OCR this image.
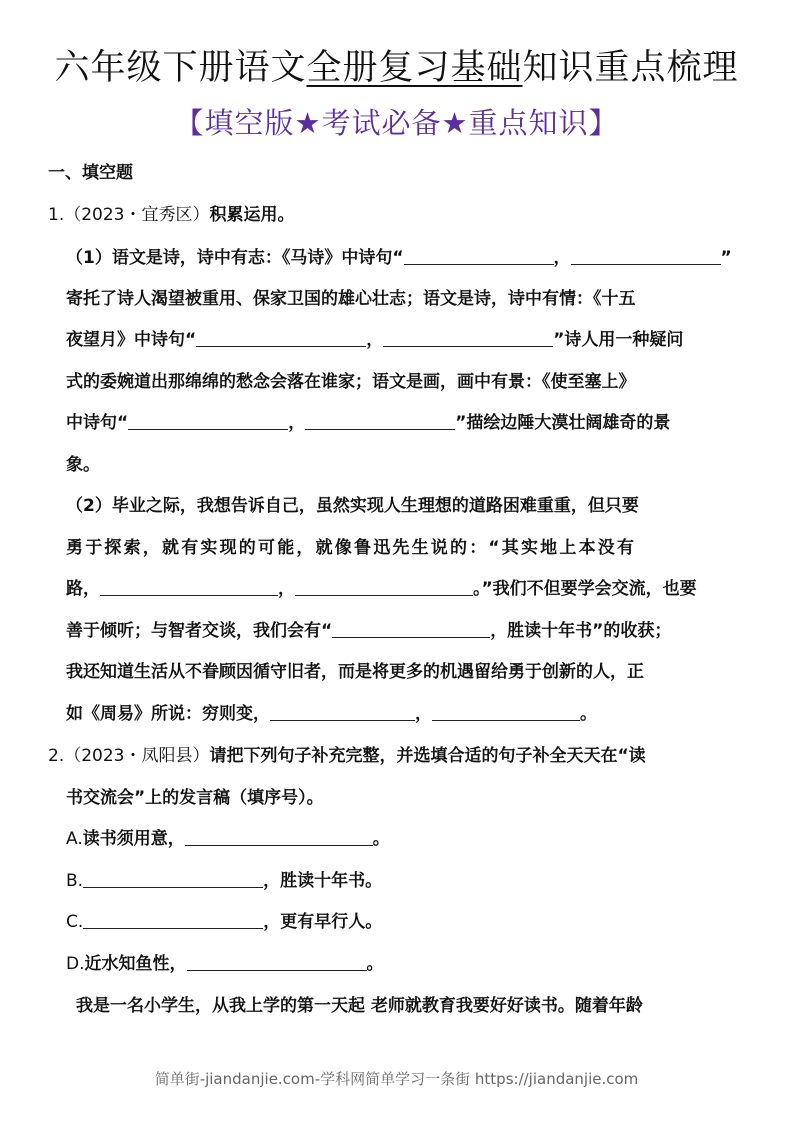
六年级下册语文全册复习基础知识重点梳理
【填空版★考试必备★重点知识】
一、填空题
1.（2023・宜秀区）积累运用。
（1）语文是诗，诗中有志：《马诗》中诗句“	，	”
寄托了诗人渴望被重用、保家卫国的雄心壮志；语文是诗，诗中有情：《十五
夜望月》中诗句“	，	”诗人用一种疑问
式的委婉道出那绵绵的愁念会落在谁家；语文是画，画中有景：《使至塞上》
中诗句“	，	”描绘边陲大漠壮阔雄奇的景
象。
（2）毕业之际，我想告诉自己，虽然实现人生理想的道路困难重重，但只要
勇于探索，就有实现的可能，就像鲁迅先生说的：“其实地上本没有
路，	，	。”我们不但要学会交流，也要
善于倾听；与智者交谈，我们会有“	，胜读十年书”的收获；
我还知道生活从不眷顾因循守旧者，而是将更多的机遇留给勇于创新的人，正
如《周易》所说：穷则变，	，	。
2.（2023・凤阳县）请把下列句子补充完整，并选填合适的句子补全天天在“读
书交流会”上的发言稿（填序号）。
A.读书须用意，	。
B.	，胜读十年书。
C.	，更有早行人。
D.近水知鱼性，	。
我是一名小学生，从我上学的第一天起 老师就教育我要好好读书。随着年龄
简单街-jiandanjie.com-学科网简单学习一条街 https://jiandanjie.com
